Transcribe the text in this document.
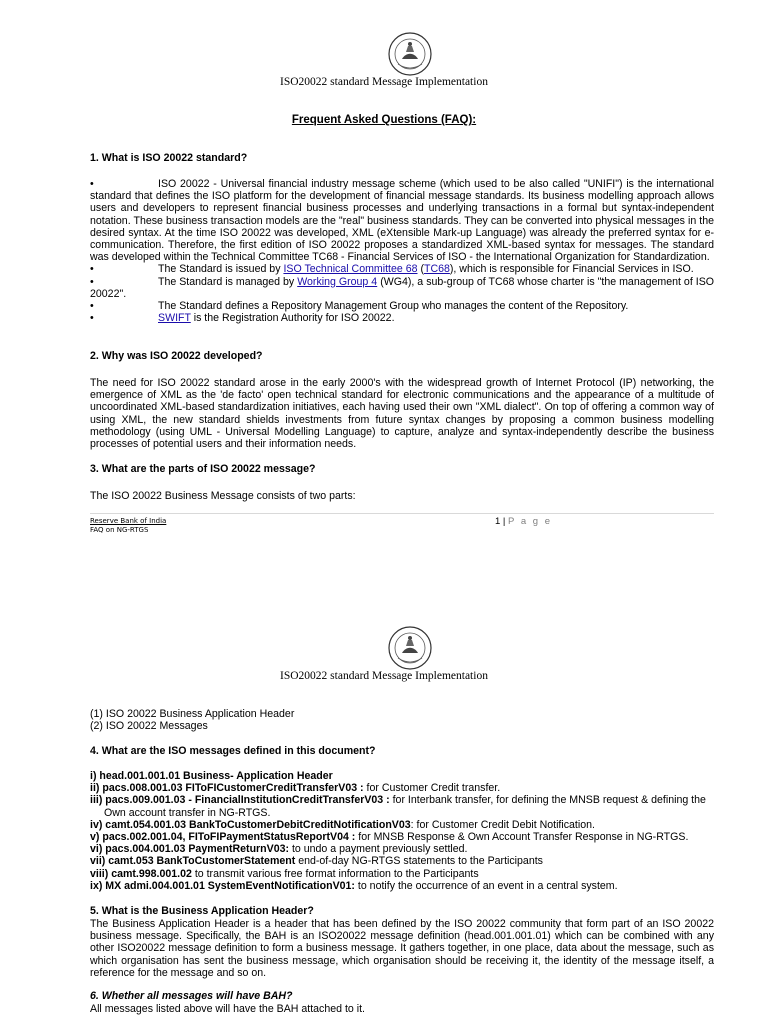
ISO20022 standard Message Implementation
Frequent Asked Questions (FAQ):
1. What is ISO 20022 standard?
•	ISO 20022 - Universal financial industry message scheme (which used to be also called "UNIFI") is the international standard that defines the ISO platform for the development of financial message standards. Its business modelling approach allows users and developers to represent financial business processes and underlying transactions in a formal but syntax-independent notation. These business transaction models are the "real" business standards. They can be converted into physical messages in the desired syntax. At the time ISO 20022 was developed, XML (eXtensible Mark-up Language) was already the preferred syntax for e-communication. Therefore, the first edition of ISO 20022 proposes a standardized XML-based syntax for messages. The standard was developed within the Technical Committee TC68 - Financial Services of ISO - the International Organization for Standardization.
•	The Standard is issued by ISO Technical Committee 68 (TC68), which is responsible for Financial Services in ISO.
•	The Standard is managed by Working Group 4 (WG4), a sub-group of TC68 whose charter is "the management of ISO 20022".
•	The Standard defines a Repository Management Group who manages the content of the Repository.
•	SWIFT is the Registration Authority for ISO 20022.
2. Why was ISO 20022 developed?
The need for ISO 20022 standard arose in the early 2000's with the widespread growth of Internet Protocol (IP) networking, the emergence of XML as the 'de facto' open technical standard for electronic communications and the appearance of a multitude of uncoordinated XML-based standardization initiatives, each having used their own "XML dialect". On top of offering a common way of using XML, the new standard shields investments from future syntax changes by proposing a common business modelling methodology (using UML - Universal Modelling Language) to capture, analyze and syntax-independently describe the business processes of potential users and their information needs.
3. What are the parts of ISO 20022 message?
The ISO 20022 Business Message consists of two parts:
Reserve Bank of India
FAQ on NG-RTGS
1 | P a g e
ISO20022 standard Message Implementation
(1) ISO 20022 Business Application Header
(2) ISO 20022 Messages
4. What are the ISO messages defined in this document?

i) head.001.001.01 Business- Application Header

ii) pacs.008.001.03 FIToFICustomerCreditTransferV03 : for Customer Credit transfer.

iii) pacs.009.001.03 - FinancialInstitutionCreditTransferV03 : for Interbank transfer, for defining the MNSB request & defining the
Own account transfer in NG-RTGS.

iv) camt.054.001.03 BankToCustomerDebitCreditNotificationV03: for Customer Credit Debit Notification.

v) pacs.002.001.04, FIToFIPaymentStatusReportV04 : for MNSB Response & Own Account Transfer Response in NG-RTGS.

vi) pacs.004.001.03 PaymentReturnV03: to undo a payment previously settled.

vii) camt.053 BankToCustomerStatement end-of-day NG-RTGS statements to the Participants

viii) camt.998.001.02 to transmit various free format information to the Participants

ix) MX admi.004.001.01 SystemEventNotificationV01: to notify the occurrence of an event in a central system.

5. What is the Business Application Header?
The Business Application Header is a header that has been defined by the ISO 20022 community that form part of an ISO 20022 business message. Specifically, the BAH is an ISO20022 message definition (head.001.001.01) which can be combined with any other ISO20022 message definition to form a business message. It gathers together, in one place, data about the message, such as which organisation has sent the business message, which organisation should be receiving it, the identity of the message itself, a reference for the message and so on.
6. Whether all messages will have BAH?
All messages listed above will have the BAH attached to it.
